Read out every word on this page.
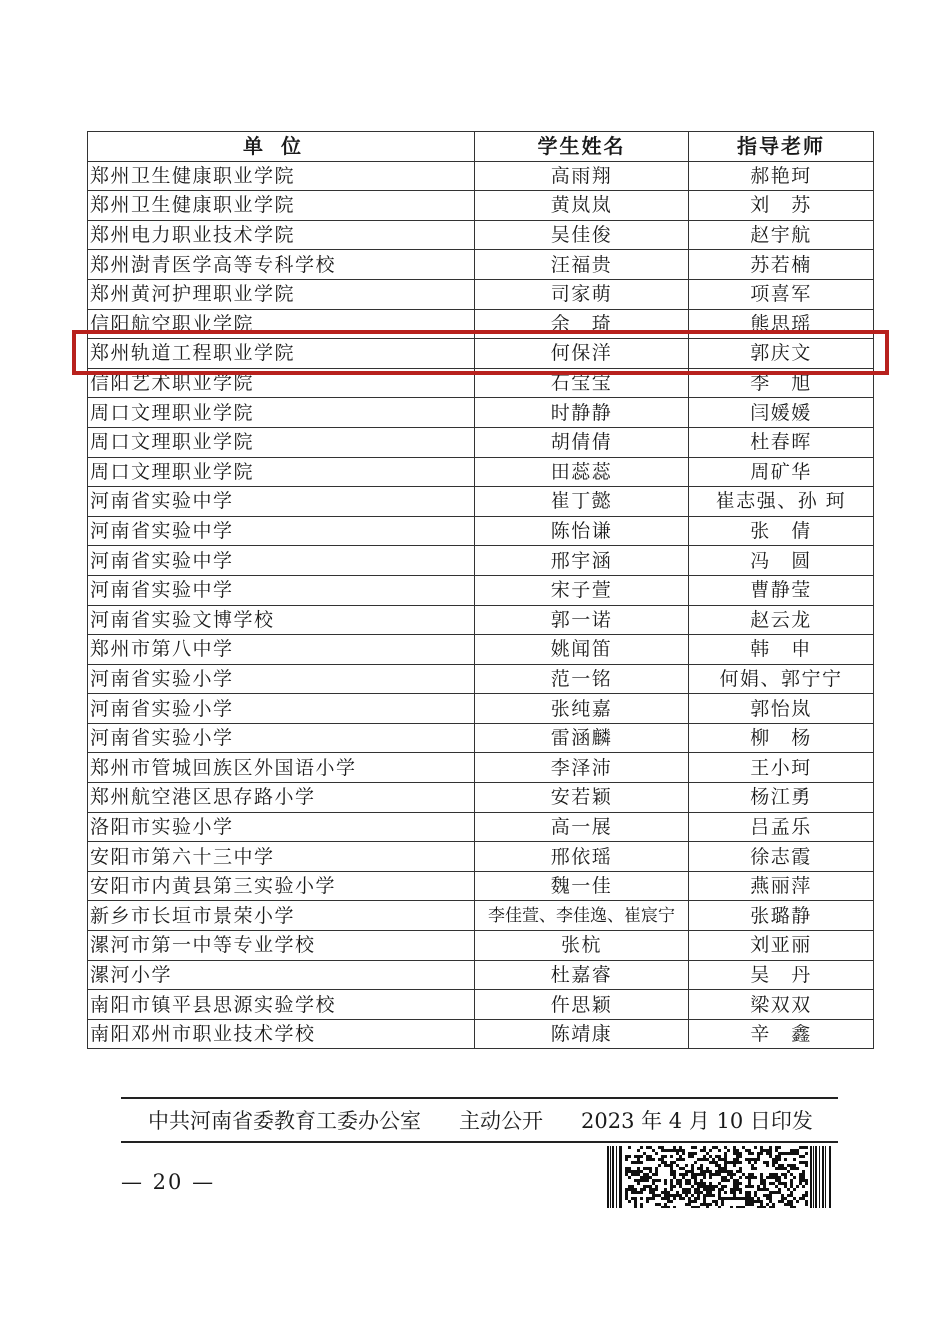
单位	学生姓名	指导老师
郑州卫生健康职业学院	高雨翔	郝艳珂
郑州卫生健康职业学院	黄岚岚	刘　苏
郑州电力职业技术学院	吴佳俊	赵宇航
郑州澍青医学高等专科学校	汪福贵	苏若楠
郑州黄河护理职业学院	司家萌	项喜军
信阳航空职业学院	余　琦	熊思瑶
郑州轨道工程职业学院	何保洋	郭庆文
信阳艺术职业学院	石宝宝	李　旭
周口文理职业学院	时静静	闫媛媛
周口文理职业学院	胡倩倩	杜春晖
周口文理职业学院	田蕊蕊	周矿华
河南省实验中学	崔丁懿	崔志强、孙 珂
河南省实验中学	陈怡谦	张　倩
河南省实验中学	邢宇涵	冯　圆
河南省实验中学	宋子萱	曹静莹
河南省实验文博学校	郭一诺	赵云龙
郑州市第八中学	姚闻笛	韩　申
河南省实验小学	范一铭	何娟、郭宁宁
河南省实验小学	张纯嘉	郭怡岚
河南省实验小学	雷涵麟	柳　杨
郑州市管城回族区外国语小学	李泽沛	王小珂
郑州航空港区思存路小学	安若颖	杨江勇
洛阳市实验小学	高一展	吕孟乐
安阳市第六十三中学	邢依瑶	徐志霞
安阳市内黄县第三实验小学	魏一佳	燕丽萍
新乡市长垣市景荣小学	李佳萱、李佳逸、崔宸宁	张璐静
漯河市第一中等专业学校	张杭	刘亚丽
漯河小学	杜嘉睿	吴　丹
南阳市镇平县思源实验学校	仵思颖	梁双双
南阳邓州市职业技术学校	陈靖康	辛　鑫
中共河南省委教育工委办公室 主动公开 2023 年 4 月 10 日印发
— 20 —
